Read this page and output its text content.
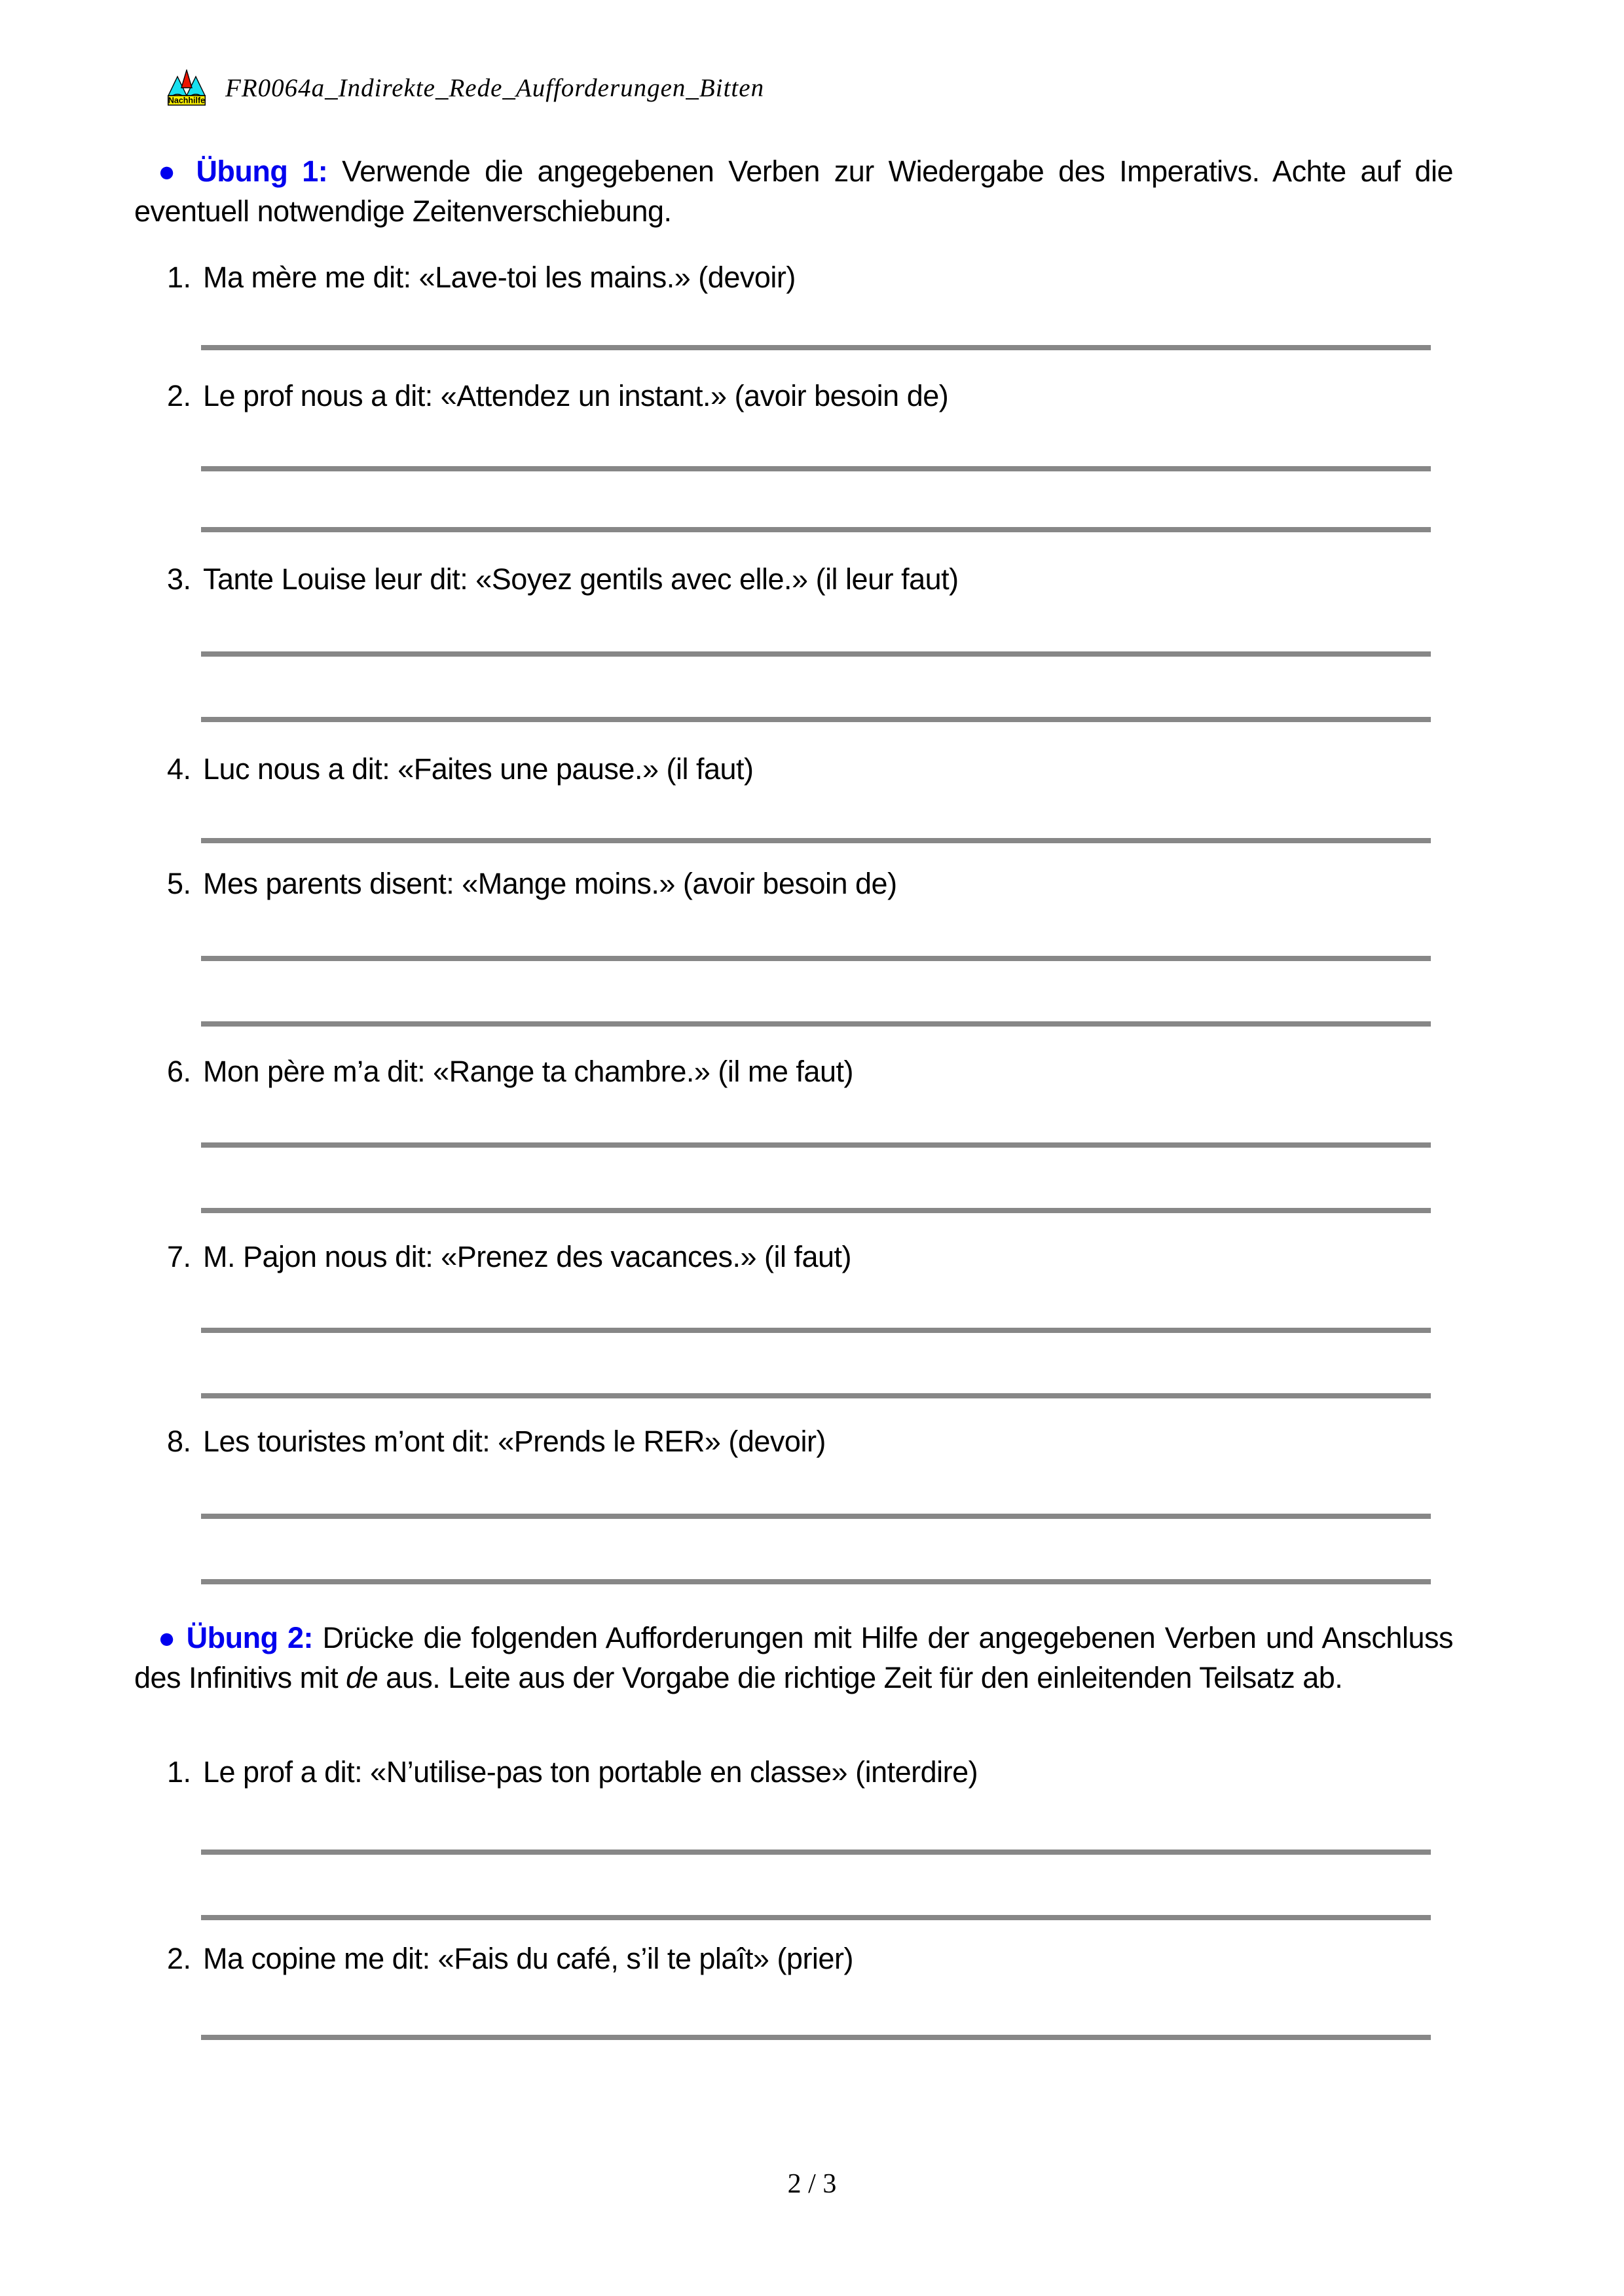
Nachhilfe FR0064a_Indirekte_Rede_Aufforderungen_Bitten

● Übung 1: Verwende die angegebenen Verben zur Wiedergabe des Imperativs. Achte auf die eventuell notwendige Zeitenverschiebung.

1. Ma mère me dit: «Lave-toi les mains.» (devoir)
2. Le prof nous a dit: «Attendez un instant.» (avoir besoin de)
3. Tante Louise leur dit: «Soyez gentils avec elle.» (il leur faut)
4. Luc nous a dit: «Faites une pause.» (il faut)
5. Mes parents disent: «Mange moins.» (avoir besoin de)
6. Mon père m’a dit: «Range ta chambre.» (il me faut)
7. M. Pajon nous dit: «Prenez des vacances.» (il faut)
8. Les touristes m’ont dit: «Prends le RER» (devoir)

● Übung 2: Drücke die folgenden Aufforderungen mit Hilfe der angegebenen Verben und Anschluss des Infinitivs mit de aus. Leite aus der Vorgabe die richtige Zeit für den einleitenden Teilsatz ab.

1. Le prof a dit: «N’utilise-pas ton portable en classe» (interdire)
2. Ma copine me dit: «Fais du café, s’il te plaît» (prier)
2 / 3
